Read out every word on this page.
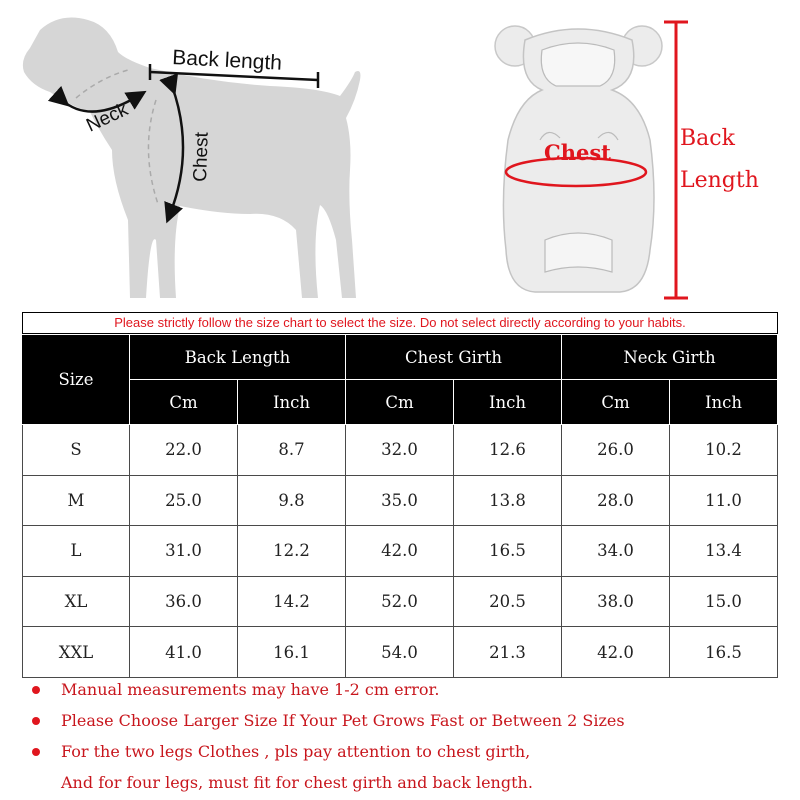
Back length
Neck
Chest	Chest
Back
Length
Please strictly follow the size chart to select the size. Do not select directly according to your habits.
Size	Back Length		Chest Girth		Neck Girth	
	Cm	Inch	Cm	Inch	Cm	Inch
S	22.0	8.7	32.0	12.6	26.0	10.2
M	25.0	9.8	35.0	13.8	28.0	11.0
L	31.0	12.2	42.0	16.5	34.0	13.4
XL	36.0	14.2	52.0	20.5	38.0	15.0
XXL	41.0	16.1	54.0	21.3	42.0	16.5
Manual measurements may have 1-2 cm error.
Please Choose Larger Size If Your Pet Grows Fast or Between 2 Sizes
For the two legs Clothes , pls pay attention to chest girth,
And for four legs, must fit for chest girth and back length.
